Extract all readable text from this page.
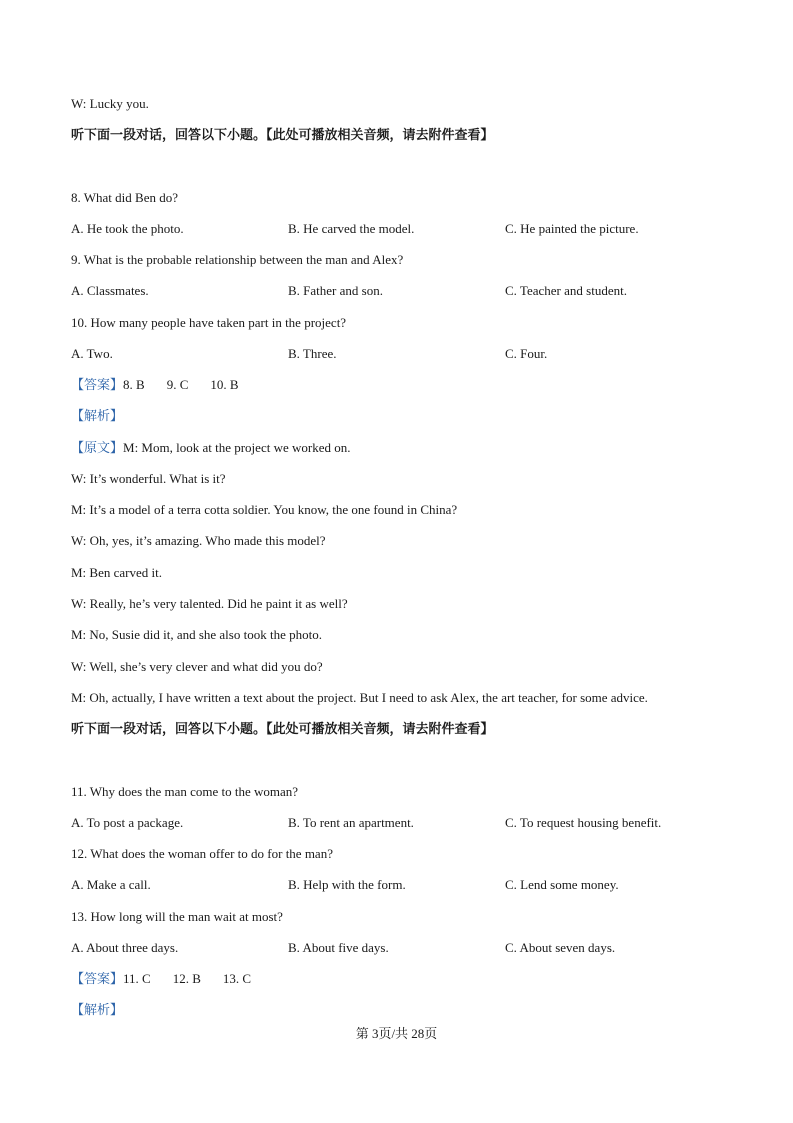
W: Lucky you.
听下面一段对话，回答以下小题。【此处可播放相关音频，请去附件查看】
8. What did Ben do?
A. He took the photo.	B. He carved the model.	C. He painted the picture.
9. What is the probable relationship between the man and Alex?
A. Classmates.	B. Father and son.	C. Teacher and student.
10. How many people have taken part in the project?
A. Two.	B. Three.	C. Four.
【答案】8. B 9. C 10. B
【解析】
【原文】M: Mom, look at the project we worked on.
W: It’s wonderful. What is it?
M: It’s a model of a terra cotta soldier. You know, the one found in China?
W: Oh, yes, it’s amazing. Who made this model?
M: Ben carved it.
W: Really, he’s very talented. Did he paint it as well?
M: No, Susie did it, and she also took the photo.
W: Well, she’s very clever and what did you do?
M: Oh, actually, I have written a text about the project. But I need to ask Alex, the art teacher, for some advice.
听下面一段对话，回答以下小题。【此处可播放相关音频，请去附件查看】
11. Why does the man come to the woman?
A. To post a package.	B. To rent an apartment.	C. To request housing benefit.
12. What does the woman offer to do for the man?
A. Make a call.	B. Help with the form.	C. Lend some money.
13. How long will the man wait at most?
A. About three days.	B. About five days.	C. About seven days.
【答案】11. C 12. B 13. C
【解析】
第 3页/共 28页
